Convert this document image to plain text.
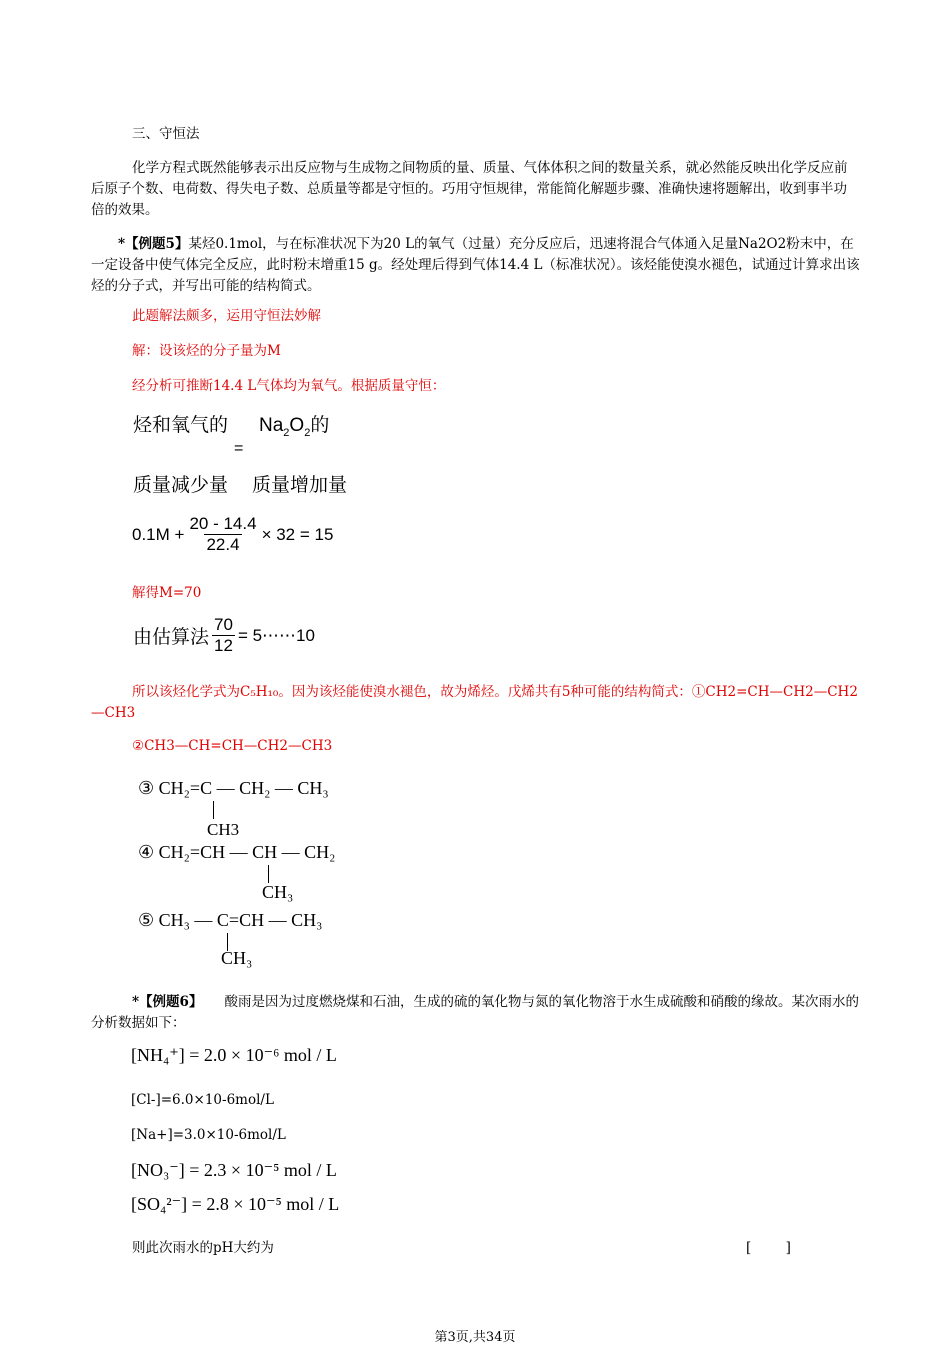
三、守恒法
化学方程式既然能够表示出反应物与生成物之间物质的量、质量、气体体积之间的数量关系，就必然能反映出化学反应前后原子个数、电荷数、得失电子数、总质量等都是守恒的。巧用守恒规律，常能简化解题步骤、准确快速将题解出，收到事半功倍的效果。
*【例题5】某烃0.1mol，与在标准状况下为20 L的氧气（过量）充分反应后，迅速将混合气体通入足量Na2O2粉末中，在一定设备中使气体完全反应，此时粉末增重15 g。经处理后得到气体14.4 L（标准状况）。该烃能使溴水褪色，试通过计算求出该烃的分子式，并写出可能的结构简式。
此题解法颇多，运用守恒法妙解
解：设该烃的分子量为M
经分析可推断14.4 L气体均为氧气。根据质量守恒：
烃和氧气的 $Na_2O_2$的
=
质量减少量 质量增加量
$0.1M + \frac{20 - 14.4}{22.4} \times 32 = 15$
解得M=70
由估算法 $\frac{70}{12}$ = 5⋯⋯10
所以该烃化学式为C₅H₁₀。因为该烃能使溴水褪色，故为烯烃。戊烯共有5种可能的结构简式：①CH2=CH—CH2—CH2—CH3
②CH3—CH=CH—CH2—CH3
③ CH₂=C — CH₂ — CH₃
CH3
④ CH₂=CH — CH — CH₂
CH₃
⑤ CH₃ — C=CH — CH₃
CH₃
*【例题6】 酸雨是因为过度燃烧煤和石油，生成的硫的氧化物与氮的氧化物溶于水生成硫酸和硝酸的缘故。某次雨水的分析数据如下：
[NH₄⁺] = 2.0 × 10⁻⁶ mol / L
[Cl-]=6.0×10-6mol/L
[Na+]=3.0×10-6mol/L
[NO₃⁻] = 2.3 × 10⁻⁵ mol / L
[SO₄²⁻] = 2.8 × 10⁻⁵ mol / L
则此次雨水的pH大约为	[        ]
第3页,共34页
